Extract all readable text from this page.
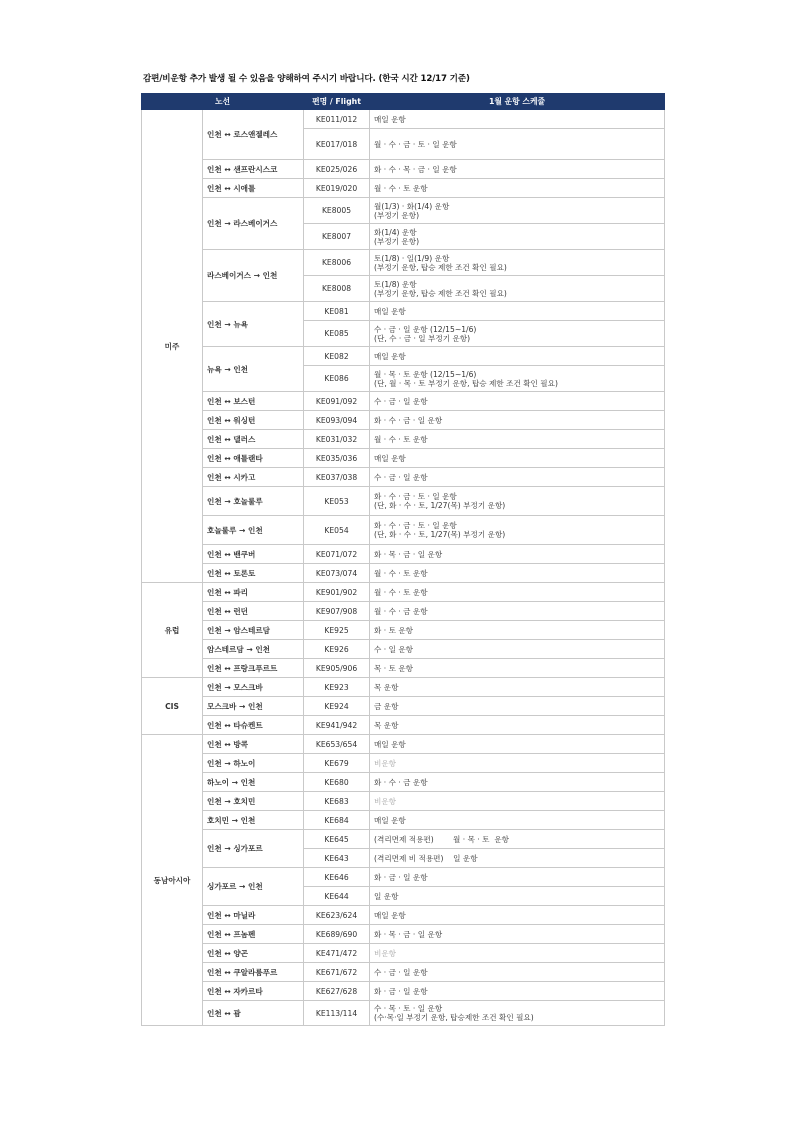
감편/비운항 추가 발생 될 수 있음을 양해하여 주시기 바랍니다. (한국 시간 12/17 기준)
노선		편명 / Flight	1월 운항 스케쥴
미주	인천 ↔ 로스앤젤레스	KE011/012	매일 운항

		KE017/018	월 · 수 · 금 · 토 · 일 운항

	인천 ↔ 샌프란시스코	KE025/026	화 · 수 · 목 · 금 · 일 운항

	인천 ↔ 시애틀	KE019/020	월 · 수 · 토 운항

	인천 → 라스베이거스	KE8005	월(1/3) · 화(1/4) 운항
(부정기 운항)

		KE8007	화(1/4) 운항
(부정기 운항)

	라스베이거스 → 인천	KE8006	토(1/8) · 일(1/9) 운항
(부정기 운항, 탑승 제한 조건 확인 필요)

		KE8008	토(1/8) 운항
(부정기 운항, 탑승 제한 조건 확인 필요)

	인천 → 뉴욕	KE081	매일 운항

		KE085	수 · 금 · 일 운항 (12/15~1/6)
(단, 수 · 금 · 일 부정기 운항)

	뉴욕 → 인천	KE082	매일 운항

		KE086	월 · 목 · 토 운항 (12/15~1/6)
(단, 월 · 목 · 토 부정기 운항, 탑승 제한 조건 확인 필요)

	인천 ↔ 보스턴	KE091/092	수 · 금 · 일 운항

	인천 ↔ 워싱턴	KE093/094	화 · 수 · 금 · 일 운항

	인천 ↔ 댈러스	KE031/032	월 · 수 · 토 운항

	인천 ↔ 애틀랜타	KE035/036	매일 운항

	인천 ↔ 시카고	KE037/038	수 · 금 · 일 운항

	인천 → 호놀룰루	KE053	화 · 수 · 금 · 토 · 일 운항
(단, 화 · 수 · 토, 1/27(목) 부정기 운항)

	호놀룰루 → 인천	KE054	화 · 수 · 금 · 토 · 일 운항
(단, 화 · 수 · 토, 1/27(목) 부정기 운항)

	인천 ↔ 밴쿠버	KE071/072	화 · 목 · 금 · 일 운항

	인천 ↔ 토론토	KE073/074	월 · 수 · 토 운항

유럽	인천 ↔ 파리	KE901/902	월 · 수 · 토 운항

	인천 ↔ 런던	KE907/908	월 · 수 · 금 운항

	인천 → 암스테르담	KE925	화 · 토 운항

	암스테르담 → 인천	KE926	수 · 일 운항

	인천 ↔ 프랑크푸르트	KE905/906	목 · 토 운항

CIS	인천 → 모스크바	KE923	목 운항

	모스크바 → 인천	KE924	금 운항

	인천 ↔ 타슈켄트	KE941/942	목 운항

동남아시아	인천 ↔ 방콕	KE653/654	매일 운항

	인천 → 하노이	KE679	비운항

	하노이 → 인천	KE680	화 · 수 · 금 운항

	인천 → 호치민	KE683	비운항

	호치민 → 인천	KE684	매일 운항

	인천 → 싱가포르	KE645	(격리면제 적용편)        월 · 목 · 토  운항

		KE643	(격리면제 비 적용편)    일 운항

	싱가포르 → 인천	KE646	화 · 금 · 일 운항

		KE644	일 운항

	인천 ↔ 마닐라	KE623/624	매일 운항

	인천 ↔ 프놈펜	KE689/690	화 · 목 · 금 · 일 운항

	인천 ↔ 양곤	KE471/472	비운항

	인천 ↔ 쿠알라룸푸르	KE671/672	수 · 금 · 일 운항

	인천 ↔ 자카르타	KE627/628	화 · 금 · 일 운항

	인천 ↔ 괌	KE113/114	수 · 목 · 토 · 일 운항
(수·목·일 부정기 운항, 탑승제한 조건 확인 필요)
